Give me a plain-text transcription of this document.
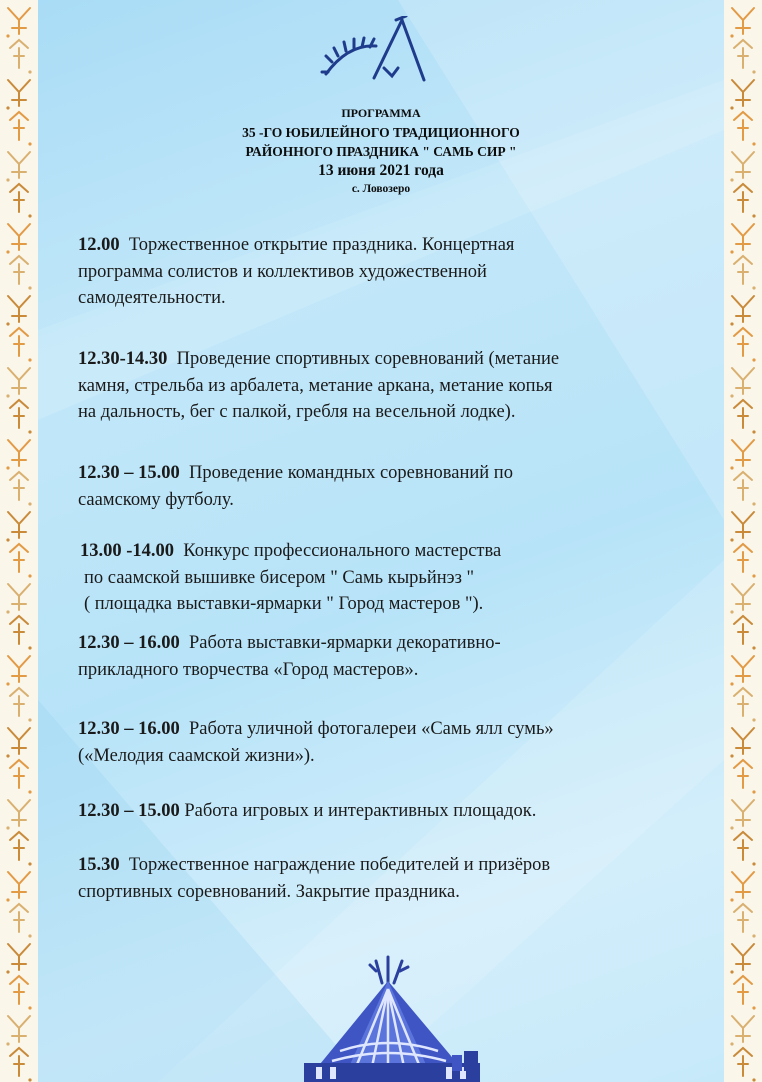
ПРОГРАММА
35 -ГО ЮБИЛЕЙНОГО ТРАДИЦИОННОГО
РАЙОННОГО ПРАЗДНИКА " САМЬ СИР "
13 июня 2021 года
с. Ловозеро
12.00 Торжественное открытие праздника. Концертная
программа солистов и коллективов художественной
самодеятельности.
12.30-14.30 Проведение спортивных соревнований (метание
камня, стрельба из арбалета, метание аркана, метание копья
на дальность, бег с палкой, гребля на весельной лодке).
12.30 – 15.00 Проведение командных соревнований по
саамскому футболу.
13.00 -14.00 Конкурс профессионального мастерства
по саамской вышивке бисером " Самь кырьйнэз "
( площадка выставки-ярмарки " Город мастеров ").
12.30 – 16.00 Работа выставки-ярмарки декоративно-
прикладного творчества «Город мастеров».
12.30 – 16.00 Работа уличной фотогалереи «Самь ялл сумь»
(«Мелодия саамской жизни»).
12.30 – 15.00 Работа игровых и интерактивных площадок.
15.30 Торжественное награждение победителей и призёров
спортивных соревнований. Закрытие праздника.
